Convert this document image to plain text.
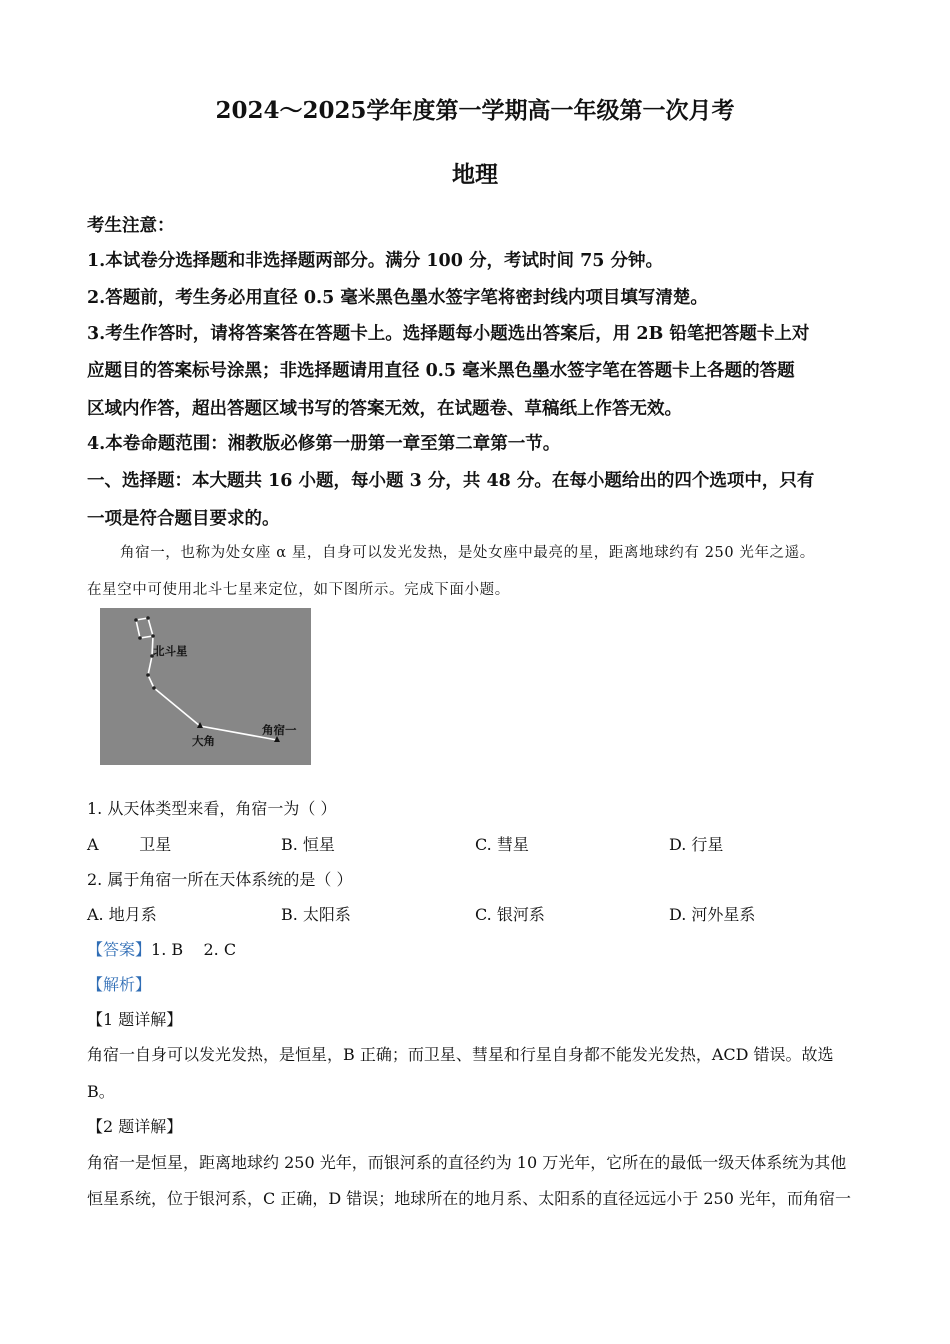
2024～2025学年度第一学期高一年级第一次月考
地理
考生注意：
1.本试卷分选择题和非选择题两部分。满分 100 分，考试时间 75 分钟。
2.答题前，考生务必用直径 0.5 毫米黑色墨水签字笔将密封线内项目填写清楚。
3.考生作答时，请将答案答在答题卡上。选择题每小题选出答案后，用 2B 铅笔把答题卡上对
应题目的答案标号涂黑；非选择题请用直径 0.5 毫米黑色墨水签字笔在答题卡上各题的答题
区域内作答，超出答题区域书写的答案无效，在试题卷、草稿纸上作答无效。
4.本卷命题范围：湘教版必修第一册第一章至第二章第一节。
一、选择题：本大题共 16 小题，每小题 3 分，共 48 分。在每小题给出的四个选项中，只有
一项是符合题目要求的。
角宿一，也称为处女座 α 星，自身可以发光发热，是处女座中最亮的星，距离地球约有 250 光年之遥。
在星空中可使用北斗七星来定位，如下图所示。完成下面小题。
北斗星
大角
角宿一
1. 从天体类型来看，角宿一为（ ）
A        卫星	B. 恒星	C. 彗星	D. 行星
2. 属于角宿一所在天体系统的是（ ）
A. 地月系	B. 太阳系	C. 银河系	D. 河外星系
【答案】1. B    2. C
【解析】
【1 题详解】
角宿一自身可以发光发热，是恒星，B 正确；而卫星、彗星和行星自身都不能发光发热，ACD 错误。故选
B。
【2 题详解】
角宿一是恒星，距离地球约 250 光年，而银河系的直径约为 10 万光年，它所在的最低一级天体系统为其他
恒星系统，位于银河系，C 正确，D 错误；地球所在的地月系、太阳系的直径远远小于 250 光年，而角宿一
